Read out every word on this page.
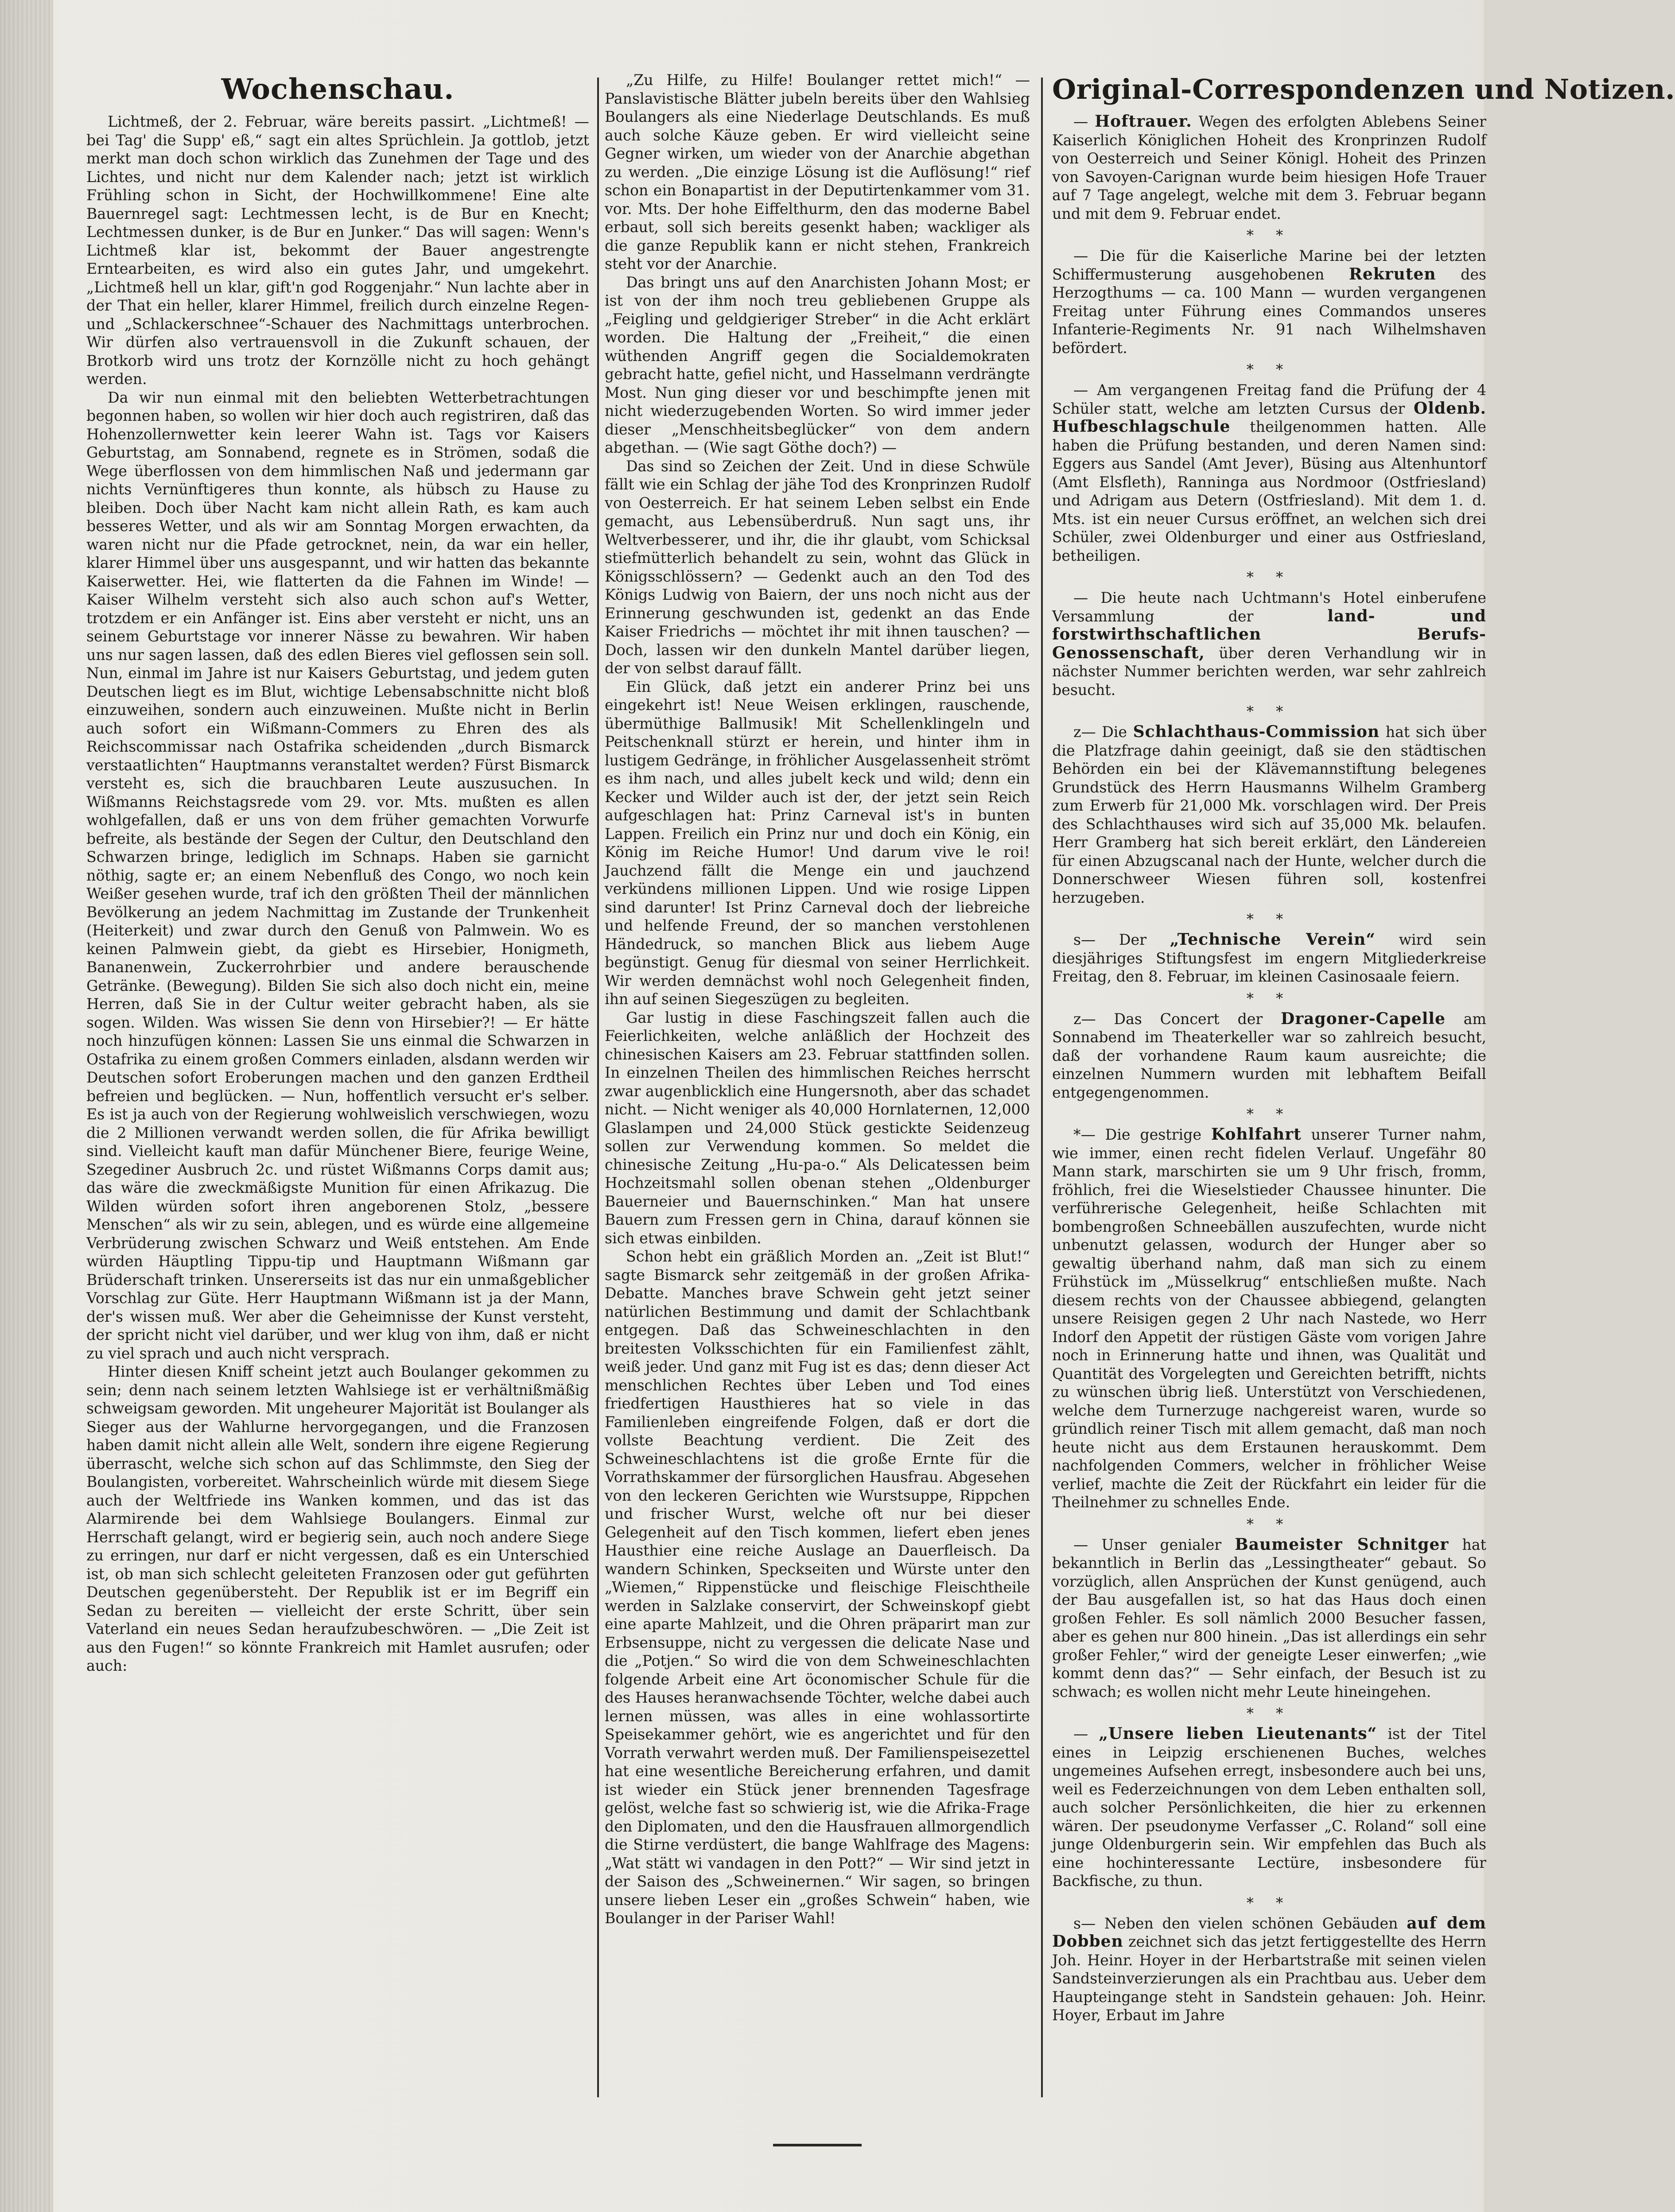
Wochenschau.

Lichtmeß, der 2. Februar, wäre bereits passirt. „Lichtmeß! — bei Tag' die Supp' eß,“ sagt ein altes Sprüchlein. Ja gottlob, jetzt merkt man doch schon wirklich das Zunehmen der Tage und des Lichtes, und nicht nur dem Kalender nach; jetzt ist wirklich Frühling schon in Sicht, der Hochwillkommene! Eine alte Bauernregel sagt: Lechtmessen lecht, is de Bur en Knecht; Lechtmessen dunker, is de Bur en Junker.“ Das will sagen: Wenn's Lichtmeß klar ist, bekommt der Bauer angestrengte Erntearbeiten, es wird also ein gutes Jahr, und umgekehrt. „Lichtmeß hell un klar, gift'n god Roggenjahr.“ Nun lachte aber in der That ein heller, klarer Himmel, freilich durch einzelne Regen- und „Schlackerschnee“-Schauer des Nachmittags unterbrochen. Wir dürfen also vertrauensvoll in die Zukunft schauen, der Brotkorb wird uns trotz der Kornzölle nicht zu hoch gehängt werden.

Da wir nun einmal mit den beliebten Wetterbetrachtungen begonnen haben, so wollen wir hier doch auch registriren, daß das Hohenzollernwetter kein leerer Wahn ist. Tags vor Kaisers Geburtstag, am Sonnabend, regnete es in Strömen, sodaß die Wege überflossen von dem himmlischen Naß und jedermann gar nichts Vernünftigeres thun konnte, als hübsch zu Hause zu bleiben. Doch über Nacht kam nicht allein Rath, es kam auch besseres Wetter, und als wir am Sonntag Morgen erwachten, da waren nicht nur die Pfade getrocknet, nein, da war ein heller, klarer Himmel über uns ausgespannt, und wir hatten das bekannte Kaiserwetter. Hei, wie flatterten da die Fahnen im Winde! — Kaiser Wilhelm versteht sich also auch schon auf's Wetter, trotzdem er ein Anfänger ist. Eins aber versteht er nicht, uns an seinem Geburtstage vor innerer Nässe zu bewahren. Wir haben uns nur sagen lassen, daß des edlen Bieres viel geflossen sein soll. Nun, einmal im Jahre ist nur Kaisers Geburtstag, und jedem guten Deutschen liegt es im Blut, wichtige Lebensabschnitte nicht bloß einzuweihen, sondern auch einzuweinen. Mußte nicht in Berlin auch sofort ein Wißmann-Commers zu Ehren des als Reichscommissar nach Ostafrika scheidenden „durch Bismarck verstaatlichten“ Hauptmanns veranstaltet werden? Fürst Bismarck versteht es, sich die brauchbaren Leute auszusuchen. In Wißmanns Reichstagsrede vom 29. vor. Mts. mußten es allen wohlgefallen, daß er uns von dem früher gemachten Vorwurfe befreite, als bestände der Segen der Cultur, den Deutschland den Schwarzen bringe, lediglich im Schnaps. Haben sie garnicht nöthig, sagte er; an einem Nebenfluß des Congo, wo noch kein Weißer gesehen wurde, traf ich den größten Theil der männlichen Bevölkerung an jedem Nachmittag im Zustande der Trunkenheit (Heiterkeit) und zwar durch den Genuß von Palmwein. Wo es keinen Palmwein giebt, da giebt es Hirsebier, Honigmeth, Bananenwein, Zuckerrohrbier und andere berauschende Getränke. (Bewegung). Bilden Sie sich also doch nicht ein, meine Herren, daß Sie in der Cultur weiter gebracht haben, als sie sogen. Wilden. Was wissen Sie denn von Hirsebier?! — Er hätte noch hinzufügen können: Lassen Sie uns einmal die Schwarzen in Ostafrika zu einem großen Commers einladen, alsdann werden wir Deutschen sofort Eroberungen machen und den ganzen Erdtheil befreien und beglücken. — Nun, hoffentlich versucht er's selber. Es ist ja auch von der Regierung wohlweislich verschwiegen, wozu die 2 Millionen verwandt werden sollen, die für Afrika bewilligt sind. Vielleicht kauft man dafür Münchener Biere, feurige Weine, Szegediner Ausbruch 2c. und rüstet Wißmanns Corps damit aus; das wäre die zweckmäßigste Munition für einen Afrikazug. Die Wilden würden sofort ihren angeborenen Stolz, „bessere Menschen“ als wir zu sein, ablegen, und es würde eine allgemeine Verbrüderung zwischen Schwarz und Weiß entstehen. Am Ende würden Häuptling Tippu-tip und Hauptmann Wißmann gar Brüderschaft trinken. Unsererseits ist das nur ein unmaßgeblicher Vorschlag zur Güte. Herr Hauptmann Wißmann ist ja der Mann, der's wissen muß. Wer aber die Geheimnisse der Kunst versteht, der spricht nicht viel darüber, und wer klug von ihm, daß er nicht zu viel sprach und auch nicht versprach.

Hinter diesen Kniff scheint jetzt auch Boulanger gekommen zu sein; denn nach seinem letzten Wahlsiege ist er verhältnißmäßig schweigsam geworden. Mit ungeheurer Majorität ist Boulanger als Sieger aus der Wahlurne hervorgegangen, und die Franzosen haben damit nicht allein alle Welt, sondern ihre eigene Regierung überrascht, welche sich schon auf das Schlimmste, den Sieg der Boulangisten, vorbereitet. Wahrscheinlich würde mit diesem Siege auch der Weltfriede ins Wanken kommen, und das ist das Alarmirende bei dem Wahlsiege Boulangers. Einmal zur Herrschaft gelangt, wird er begierig sein, auch noch andere Siege zu erringen, nur darf er nicht vergessen, daß es ein Unterschied ist, ob man sich schlecht geleiteten Franzosen oder gut geführten Deutschen gegenübersteht. Der Republik ist er im Begriff ein Sedan zu bereiten — vielleicht der erste Schritt, über sein Vaterland ein neues Sedan heraufzubeschwören. — „Die Zeit ist aus den Fugen!“ so könnte Frankreich mit Hamlet ausrufen; oder auch:

„Zu Hilfe, zu Hilfe! Boulanger rettet mich!“ — Panslavistische Blätter jubeln bereits über den Wahlsieg Boulangers als eine Niederlage Deutschlands. Es muß auch solche Käuze geben. Er wird vielleicht seine Gegner wirken, um wieder von der Anarchie abgethan zu werden. „Die einzige Lösung ist die Auflösung!“ rief schon ein Bonapartist in der Deputirtenkammer vom 31. vor. Mts. Der hohe Eiffelthurm, den das moderne Babel erbaut, soll sich bereits gesenkt haben; wackliger als die ganze Republik kann er nicht stehen, Frankreich steht vor der Anarchie.

Das bringt uns auf den Anarchisten Johann Most; er ist von der ihm noch treu gebliebenen Gruppe als „Feigling und geldgieriger Streber“ in die Acht erklärt worden. Die Haltung der „Freiheit,“ die einen wüthenden Angriff gegen die Socialdemokraten gebracht hatte, gefiel nicht, und Hasselmann verdrängte Most. Nun ging dieser vor und beschimpfte jenen mit nicht wiederzugebenden Worten. So wird immer jeder dieser „Menschheitsbeglücker“ von dem andern abgethan. — (Wie sagt Göthe doch?) —

Das sind so Zeichen der Zeit. Und in diese Schwüle fällt wie ein Schlag der jähe Tod des Kronprinzen Rudolf von Oesterreich. Er hat seinem Leben selbst ein Ende gemacht, aus Lebensüberdruß. Nun sagt uns, ihr Weltverbesserer, und ihr, die ihr glaubt, vom Schicksal stiefmütterlich behandelt zu sein, wohnt das Glück in Königsschlössern? — Gedenkt auch an den Tod des Königs Ludwig von Baiern, der uns noch nicht aus der Erinnerung geschwunden ist, gedenkt an das Ende Kaiser Friedrichs — möchtet ihr mit ihnen tauschen? — Doch, lassen wir den dunkeln Mantel darüber liegen, der von selbst darauf fällt.

Ein Glück, daß jetzt ein anderer Prinz bei uns eingekehrt ist! Neue Weisen erklingen, rauschende, übermüthige Ballmusik! Mit Schellenklingeln und Peitschenknall stürzt er herein, und hinter ihm in lustigem Gedränge, in fröhlicher Ausgelassenheit strömt es ihm nach, und alles jubelt keck und wild; denn ein Kecker und Wilder auch ist der, der jetzt sein Reich aufgeschlagen hat: Prinz Carneval ist's in bunten Lappen. Freilich ein Prinz nur und doch ein König, ein König im Reiche Humor! Und darum vive le roi! Jauchzend fällt die Menge ein und jauchzend verkündens millionen Lippen. Und wie rosige Lippen sind darunter! Ist Prinz Carneval doch der liebreiche und helfende Freund, der so manchen verstohlenen Händedruck, so manchen Blick aus liebem Auge begünstigt. Genug für diesmal von seiner Herrlichkeit. Wir werden demnächst wohl noch Gelegenheit finden, ihn auf seinen Siegeszügen zu begleiten.

Gar lustig in diese Faschingszeit fallen auch die Feierlichkeiten, welche anläßlich der Hochzeit des chinesischen Kaisers am 23. Februar stattfinden sollen. In einzelnen Theilen des himmlischen Reiches herrscht zwar augenblicklich eine Hungersnoth, aber das schadet nicht. — Nicht weniger als 40,000 Hornlaternen, 12,000 Glaslampen und 24,000 Stück gestickte Seidenzeug sollen zur Verwendung kommen. So meldet die chinesische Zeitung „Hu-pa-o.“ Als Delicatessen beim Hochzeitsmahl sollen obenan stehen „Oldenburger Bauerneier und Bauernschinken.“ Man hat unsere Bauern zum Fressen gern in China, darauf können sie sich etwas einbilden.

Schon hebt ein gräßlich Morden an. „Zeit ist Blut!“ sagte Bismarck sehr zeitgemäß in der großen Afrika-Debatte. Manches brave Schwein geht jetzt seiner natürlichen Bestimmung und damit der Schlachtbank entgegen. Daß das Schweineschlachten in den breitesten Volksschichten für ein Familienfest zählt, weiß jeder. Und ganz mit Fug ist es das; denn dieser Act menschlichen Rechtes über Leben und Tod eines friedfertigen Hausthieres hat so viele in das Familienleben eingreifende Folgen, daß er dort die vollste Beachtung verdient. Die Zeit des Schweineschlachtens ist die große Ernte für die Vorrathskammer der fürsorglichen Hausfrau. Abgesehen von den leckeren Gerichten wie Wurstsuppe, Rippchen und frischer Wurst, welche oft nur bei dieser Gelegenheit auf den Tisch kommen, liefert eben jenes Hausthier eine reiche Auslage an Dauerfleisch. Da wandern Schinken, Speckseiten und Würste unter den „Wiemen,“ Rippenstücke und fleischige Fleischtheile werden in Salzlake conservirt, der Schweinskopf giebt eine aparte Mahlzeit, und die Ohren präparirt man zur Erbsensuppe, nicht zu vergessen die delicate Nase und die „Potjen.“ So wird die von dem Schweineschlachten folgende Arbeit eine Art öconomischer Schule für die des Hauses heranwachsende Töchter, welche dabei auch lernen müssen, was alles in eine wohlassortirte Speisekammer gehört, wie es angerichtet und für den Vorrath verwahrt werden muß. Der Familienspeisezettel hat eine wesentliche Bereicherung erfahren, und damit ist wieder ein Stück jener brennenden Tagesfrage gelöst, welche fast so schwierig ist, wie die Afrika-Frage den Diplomaten, und den die Hausfrauen allmorgendlich die Stirne verdüstert, die bange Wahlfrage des Magens: „Wat stätt wi vandagen in den Pott?“ — Wir sind jetzt in der Saison des „Schweinernen.“ Wir sagen, so bringen unsere lieben Leser ein „großes Schwein“ haben, wie Boulanger in der Pariser Wahl!

Original-Correspondenzen und Notizen.

— Hoftrauer. Wegen des erfolgten Ablebens Seiner Kaiserlich Königlichen Hoheit des Kronprinzen Rudolf von Oesterreich und Seiner Königl. Hoheit des Prinzen von Savoyen-Carignan wurde beim hiesigen Hofe Trauer auf 7 Tage angelegt, welche mit dem 3. Februar begann und mit dem 9. Februar endet.

* *

— Die für die Kaiserliche Marine bei der letzten Schiffermusterung ausgehobenen Rekruten des Herzogthums — ca. 100 Mann — wurden vergangenen Freitag unter Führung eines Commandos unseres Infanterie-Regiments Nr. 91 nach Wilhelmshaven befördert.

* *

— Am vergangenen Freitag fand die Prüfung der 4 Schüler statt, welche am letzten Cursus der Oldenb. Hufbeschlagschule theilgenommen hatten. Alle haben die Prüfung bestanden, und deren Namen sind: Eggers aus Sandel (Amt Jever), Büsing aus Altenhuntorf (Amt Elsfleth), Ranninga aus Nordmoor (Ostfriesland) und Adrigam aus Detern (Ostfriesland). Mit dem 1. d. Mts. ist ein neuer Cursus eröffnet, an welchen sich drei Schüler, zwei Oldenburger und einer aus Ostfriesland, betheiligen.

* *

— Die heute nach Uchtmann's Hotel einberufene Versammlung der land- und forstwirthschaftlichen Berufs-Genossenschaft, über deren Verhandlung wir in nächster Nummer berichten werden, war sehr zahlreich besucht.

* *

z— Die Schlachthaus-Commission hat sich über die Platzfrage dahin geeinigt, daß sie den städtischen Behörden ein bei der Klävemannstiftung belegenes Grundstück des Herrn Hausmanns Wilhelm Gramberg zum Erwerb für 21,000 Mk. vorschlagen wird. Der Preis des Schlachthauses wird sich auf 35,000 Mk. belaufen. Herr Gramberg hat sich bereit erklärt, den Ländereien für einen Abzugscanal nach der Hunte, welcher durch die Donnerschweer Wiesen führen soll, kostenfrei herzugeben.

* *

s— Der „Technische Verein“ wird sein diesjähriges Stiftungsfest im engern Mitgliederkreise Freitag, den 8. Februar, im kleinen Casinosaale feiern.

* *

z— Das Concert der Dragoner-Capelle am Sonnabend im Theaterkeller war so zahlreich besucht, daß der vorhandene Raum kaum ausreichte; die einzelnen Nummern wurden mit lebhaftem Beifall entgegengenommen.

* *

*— Die gestrige Kohlfahrt unserer Turner nahm, wie immer, einen recht fidelen Verlauf. Ungefähr 80 Mann stark, marschirten sie um 9 Uhr frisch, fromm, fröhlich, frei die Wieselstieder Chaussee hinunter. Die verführerische Gelegenheit, heiße Schlachten mit bombengroßen Schneebällen auszufechten, wurde nicht unbenutzt gelassen, wodurch der Hunger aber so gewaltig überhand nahm, daß man sich zu einem Frühstück im „Müsselkrug“ entschließen mußte. Nach diesem rechts von der Chaussee abbiegend, gelangten unsere Reisigen gegen 2 Uhr nach Nastede, wo Herr Indorf den Appetit der rüstigen Gäste vom vorigen Jahre noch in Erinnerung hatte und ihnen, was Qualität und Quantität des Vorgelegten und Gereichten betrifft, nichts zu wünschen übrig ließ. Unterstützt von Verschiedenen, welche dem Turnerzuge nachgereist waren, wurde so gründlich reiner Tisch mit allem gemacht, daß man noch heute nicht aus dem Erstaunen herauskommt. Dem nachfolgenden Commers, welcher in fröhlicher Weise verlief, machte die Zeit der Rückfahrt ein leider für die Theilnehmer zu schnelles Ende.

* *

— Unser genialer Baumeister Schnitger hat bekanntlich in Berlin das „Lessingtheater“ gebaut. So vorzüglich, allen Ansprüchen der Kunst genügend, auch der Bau ausgefallen ist, so hat das Haus doch einen großen Fehler. Es soll nämlich 2000 Besucher fassen, aber es gehen nur 800 hinein. „Das ist allerdings ein sehr großer Fehler,“ wird der geneigte Leser einwerfen; „wie kommt denn das?“ — Sehr einfach, der Besuch ist zu schwach; es wollen nicht mehr Leute hineingehen.

* *

— „Unsere lieben Lieutenants“ ist der Titel eines in Leipzig erschienenen Buches, welches ungemeines Aufsehen erregt, insbesondere auch bei uns, weil es Federzeichnungen von dem Leben enthalten soll, auch solcher Persönlichkeiten, die hier zu erkennen wären. Der pseudonyme Verfasser „C. Roland“ soll eine junge Oldenburgerin sein. Wir empfehlen das Buch als eine hochinteressante Lectüre, insbesondere für Backfische, zu thun.

* *

s— Neben den vielen schönen Gebäuden auf dem Dobben zeichnet sich das jetzt fertiggestellte des Herrn Joh. Heinr. Hoyer in der Herbartstraße mit seinen vielen Sandsteinverzierungen als ein Prachtbau aus. Ueber dem Haupteingange steht in Sandstein gehauen: Joh. Heinr. Hoyer, Erbaut im Jahre
